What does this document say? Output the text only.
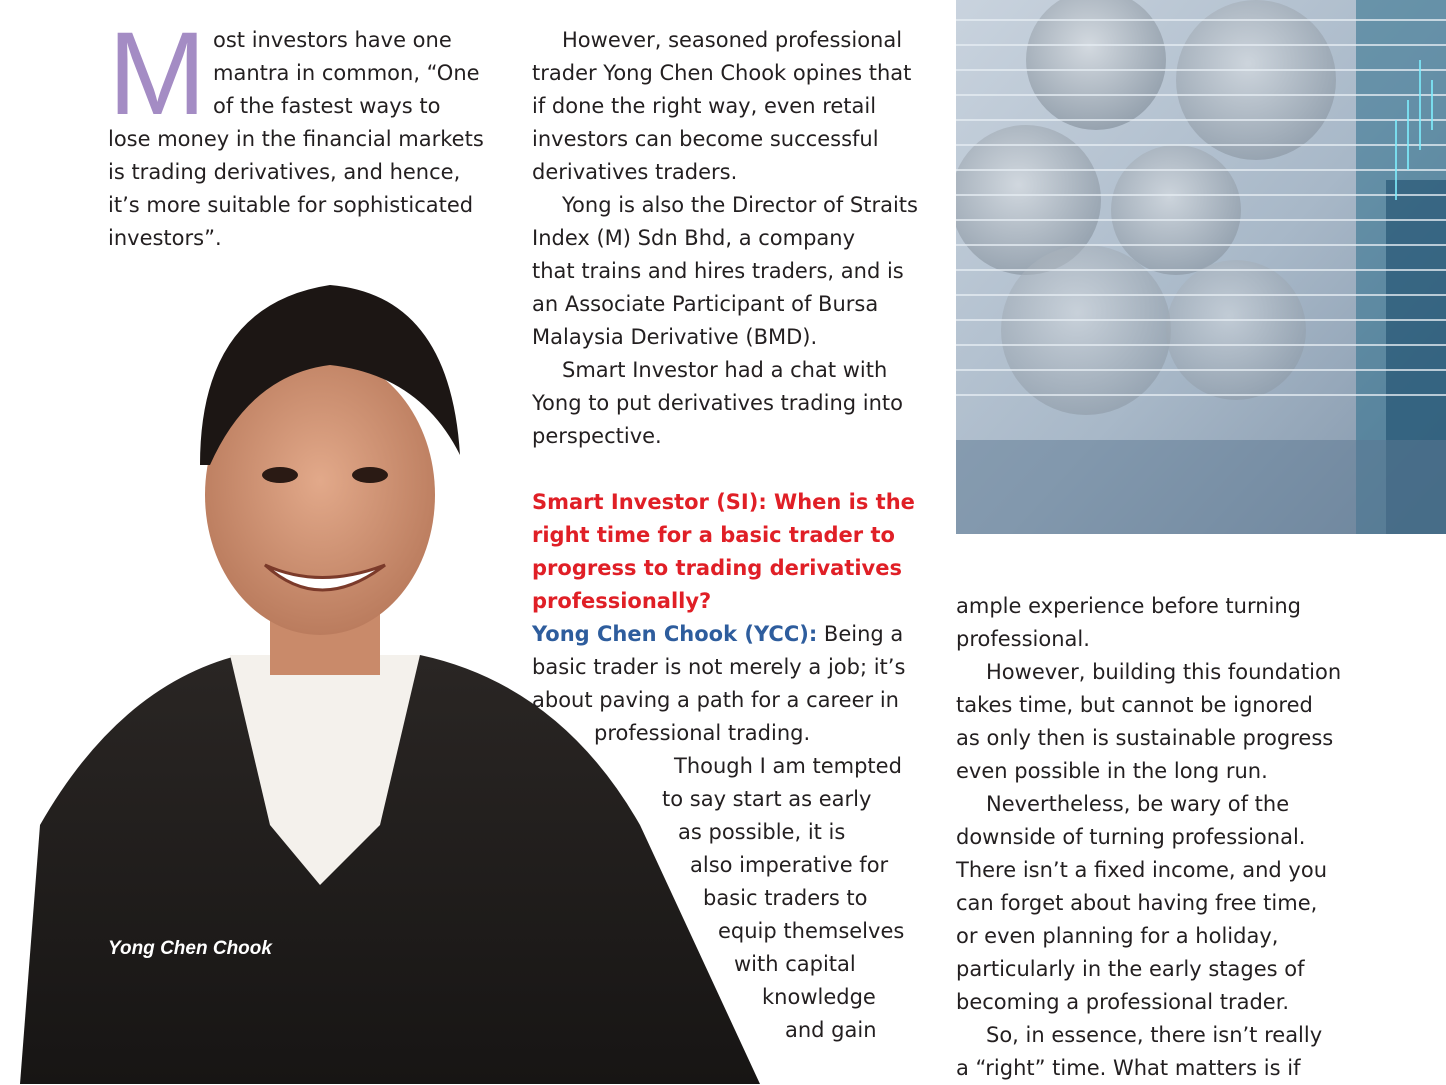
M ost investors have one

mantra in common, “One

of the fastest ways to

lose money in the financial markets

is trading derivatives, and hence,

it’s more suitable for sophisticated

investors”.

Yong Chen Chook

However, seasoned professional

trader Yong Chen Chook opines that

if done the right way, even retail

investors can become successful

derivatives traders.

Yong is also the Director of Straits

Index (M) Sdn Bhd, a company

that trains and hires traders, and is

an Associate Participant of Bursa

Malaysia Derivative (BMD).

Smart Investor had a chat with

Yong to put derivatives trading into

perspective.

Smart Investor (SI): When is the

right time for a basic trader to

progress to trading derivatives

professionally?

Yong Chen Chook (YCC): Being a

basic trader is not merely a job; it’s

about paving a path for a career in

professional trading.

Though I am tempted

to say start as early

as possible, it is

also imperative for

basic traders to

equip themselves

with capital

knowledge

and gain

ample experience before turning

professional.

However, building this foundation

takes time, but cannot be ignored

as only then is sustainable progress

even possible in the long run.

Nevertheless, be wary of the

downside of turning professional.

There isn’t a fixed income, and you

can forget about having free time,

or even planning for a holiday,

particularly in the early stages of

becoming a professional trader.

So, in essence, there isn’t really

a “right” time. What matters is if
